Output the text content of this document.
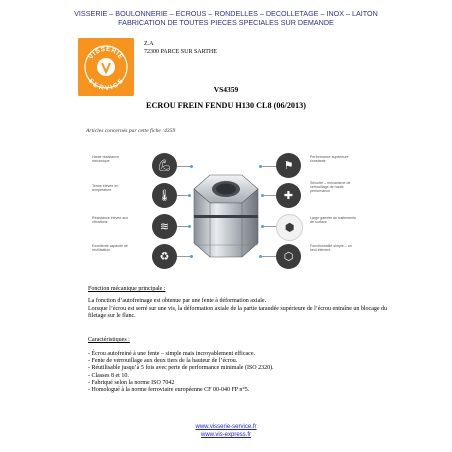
VISSERIE – BOULONNERIE – ECROUS – RONDELLES – DECOLLETAGE – INOX – LAITON
FABRICATION DE TOUTES PIECES SPECIALES SUR DEMANDE
VISSERIE
SERVICE
Z.A
72300 PARCE SUR SARTHE
VS4359
ECROU FREIN FENDU H130 CL8 (06/2013)
Articles concernés par cette fiche :4359
Haute résistance mécanique
Tenue élevée en température
Résistance élevée aux vibrations
Excellente capacité de réutilisation
💪︎
🌡︎
≋
♻︎
⚑
✚
⬢
⬡
Performance supérieure constante
Sécurité – mécanisme de verrouillage de haute performance
Large gamme de traitements de surface
Fonctionnalité simple – un seul élément
Fonction mécanique principale :
La fonction d’autofreinage est obtenue par une fente à déformation axiale.
Lorsque l’écrou est serré sur une vis, la déformation axiale de la partie taraudée supérieure de l’écrou entraîne un blocage du filetage sur le flanc.
Caractéristiques :
- Écrou autofreiné à une fente – simple mais incroyablement efficace.
- Fente de verrouillage aux deux tiers de la hauteur de l’écrou.
- Réutilisable jusqu’à 5 fois avec perte de performance minimale (ISO 2320).
- Classes 8 et 10.
- Fabriqué selon la norme ISO 7042
- Homologué à la norme ferroviaire européenne CF 00-040 FP n°5.
www.visserie-service.fr
www.vis-express.fr
